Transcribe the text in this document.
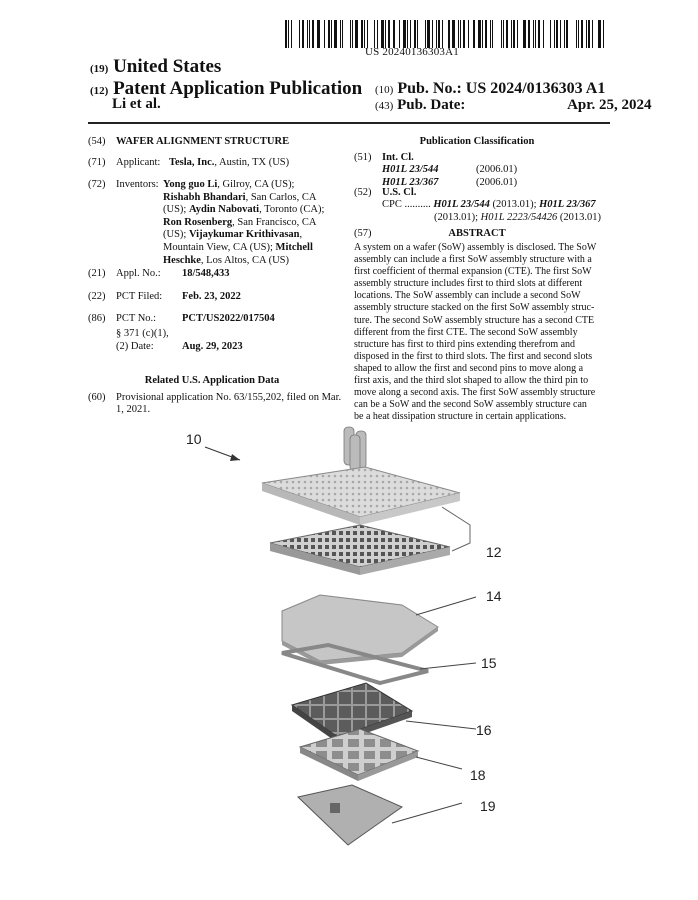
US 20240136303A1
(19) United States
(12) Patent Application Publication
Li et al.
(10) Pub. No.: US 2024/0136303 A1
(43) Pub. Date:	Apr. 25, 2024
(54) WAFER ALIGNMENT STRUCTURE
(71) Applicant: Tesla, Inc., Austin, TX (US)
(72) Inventors: Yong guo Li, Gilroy, CA (US);
Rishabh Bhandari, San Carlos, CA
(US); Aydin Nabovati, Toronto (CA);
Ron Rosenberg, San Francisco, CA
(US); Vijaykumar Krithivasan,
Mountain View, CA (US); Mitchell
Heschke, Los Altos, CA (US)
(21) Appl. No.: 18/548,433
(22) PCT Filed: Feb. 23, 2022
(86) PCT No.: PCT/US2022/017504
§ 371 (c)(1),
(2) Date:	Aug. 29, 2023
Related U.S. Application Data
(60) Provisional application No. 63/155,202, filed on Mar.
1, 2021.
Publication Classification
(51) Int. Cl.
H01L 23/544	(2006.01)
H01L 23/367	(2006.01)
(52) U.S. Cl.
CPC .......... H01L 23/544 (2013.01); H01L 23/367
(2013.01); H01L 2223/54426 (2013.01)
(57)	ABSTRACT
A system on a wafer (SoW) assembly is disclosed. The SoW
assembly can include a first SoW assembly structure with a
first coefficient of thermal expansion (CTE). The first SoW
assembly structure includes first to third slots at different
locations. The SoW assembly can include a second SoW
assembly structure stacked on the first SoW assembly struc-
ture. The second SoW assembly structure has a second CTE
different from the first CTE. The second SoW assembly
structure has first to third pins extending therefrom and
disposed in the first to third slots. The first and second slots
shaped to allow the first and second pins to move along a
first axis, and the third slot shaped to allow the third pin to
move along a second axis. The first SoW assembly structure
can be a SoW and the second SoW assembly structure can
be a heat dissipation structure in certain applications.
10
12
14
15
16
18
19
